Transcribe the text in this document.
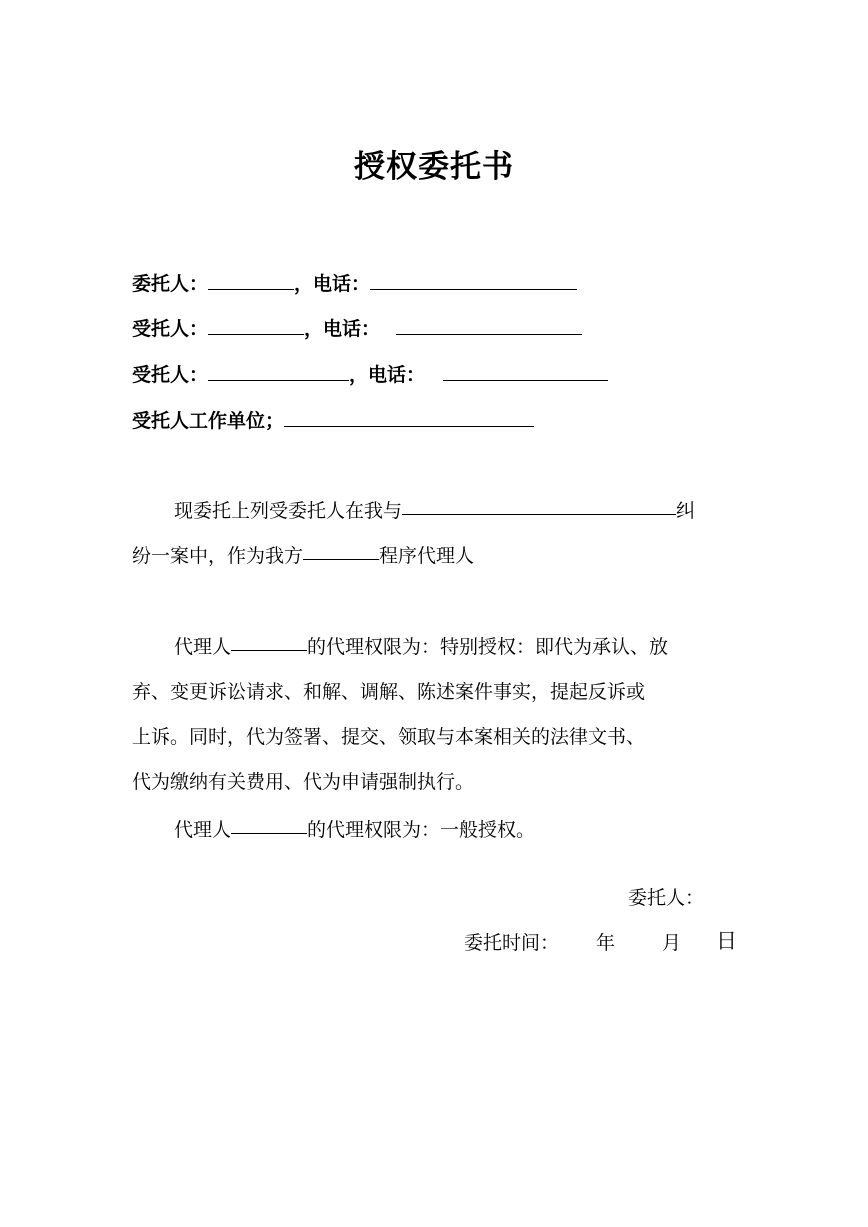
授权委托书
委托人：	，电话：
受托人：	，电话：
受托人：	，电话：
受托人工作单位；
现委托上列受委托人在我与	纠
纷一案中，作为我方	程序代理人
代理人	的代理权限为：特别授权：即代为承认、放
弃、变更诉讼请求、和解、调解、陈述案件事实，提起反诉或
上诉。同时，代为签署、提交、领取与本案相关的法律文书、
代为缴纳有关费用、代为申请强制执行。
代理人	的代理权限为：一般授权。
委托人：
委托时间： 年 月 日
